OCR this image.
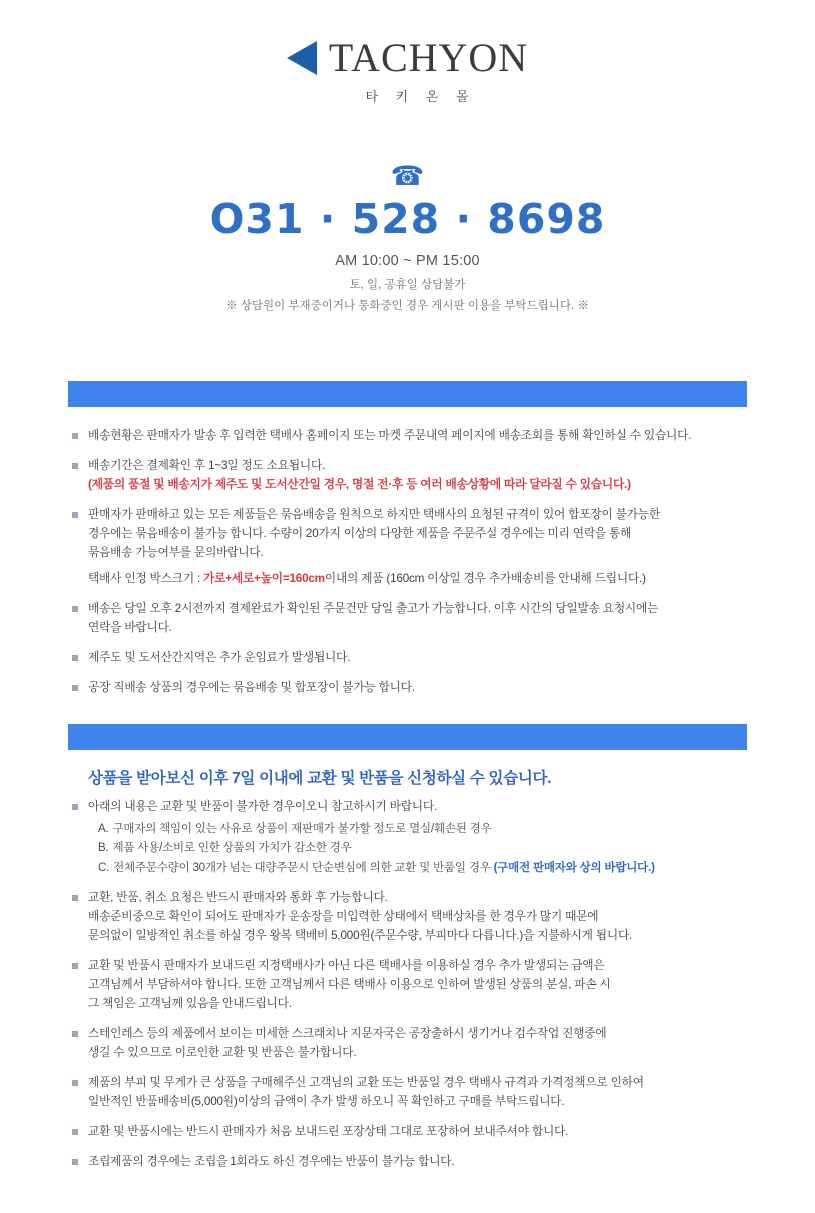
TACHYON
타 키 온 몰
☎
O31 · 528 · 8698
AM 10:00 ~ PM 15:00
토, 일, 공휴일 상담불가
※ 상담원이 부재중이거나 통화중인 경우 게시판 이용을 부탁드립니다. ※
배송현황은 판매자가 발송 후 입력한 택배사 홈페이지 또는 마켓 주문내역 페이지에 배송조회를 통해 확인하실 수 있습니다.
배송기간은 결제확인 후 1~3일 정도 소요됩니다.
(제품의 품절 및 배송지가 제주도 및 도서산간일 경우, 명절 전·후 등 여러 배송상황에 따라 달라질 수 있습니다.)
판매자가 판매하고 있는 모든 제품들은 묶음배송을 원칙으로 하지만 택배사의 요청된 규격이 있어 합포장이 불가능한
경우에는 묶음배송이 불가능 합니다. 수량이 20가지 이상의 다양한 제품을 주문주실 경우에는 미리 연락을 통해
묶음배송 가능여부를 문의바랍니다.
택배사 인정 박스크기 : 가로+세로+높이=160cm이내의 제품 (160cm 이상일 경우 추가배송비를 안내해 드립니다.)
배송은 당일 오후 2시전까지 결제완료가 확인된 주문건만 당일 출고가 가능합니다. 이후 시간의 당일발송 요청시에는
연락을 바랍니다.
제주도 및 도서산간지역은 추가 운임료가 발생됩니다.
공장 직배송 상품의 경우에는 묶음배송 및 합포장이 불가능 합니다.
상품을 받아보신 이후 7일 이내에 교환 및 반품을 신청하실 수 있습니다.
아래의 내용은 교환 및 반품이 불가한 경우이오니 참고하시기 바랍니다.
A. 구매자의 책임이 있는 사유로 상품이 재판매가 불가할 정도로 멸실/훼손된 경우
B. 제품 사용/소비로 인한 상품의 가치가 감소한 경우
C. 전체주문수량이 30개가 넘는 대량주문시 단순변심에 의한 교환 및 반품일 경우 (구매전 판매자와 상의 바랍니다.)
교환, 반품, 취소 요청은 반드시 판매자와 통화 후 가능합니다.
배송준비중으로 확인이 되어도 판매자가 운송장을 미입력한 상태에서 택배상차를 한 경우가 많기 때문에
문의없이 일방적인 취소를 하실 경우 왕복 택배비 5,000원(주문수량, 부피마다 다릅니다.)을 지불하시게 됩니다.
교환 및 반품시 판매자가 보내드린 지정택배사가 아닌 다른 택배사를 이용하실 경우 추가 발생되는 금액은
고객님께서 부담하셔야 합니다. 또한 고객님께서 다른 택배사 이용으로 인하여 발생된 상품의 분실, 파손 시
그 책임은 고객님께 있음을 안내드립니다.
스테인레스 등의 제품에서 보이는 미세한 스크래치나 지문자국은 공장출하시 생기거나 검수작업 진행중에
생길 수 있으므로 이로인한 교환 및 반품은 불가합니다.
제품의 부피 및 무게가 큰 상품을 구매해주신 고객님의 교환 또는 반품일 경우 택배사 규격과 가격정책으로 인하여
일반적인 반품배송비(5,000원)이상의 금액이 추가 발생 하오니 꼭 확인하고 구매를 부탁드립니다.
교환 및 반품시에는 반드시 판매자가 처음 보내드린 포장상태 그대로 포장하여 보내주셔야 합니다.
조립제품의 경우에는 조립을 1회라도 하신 경우에는 반품이 불가능 합니다.
